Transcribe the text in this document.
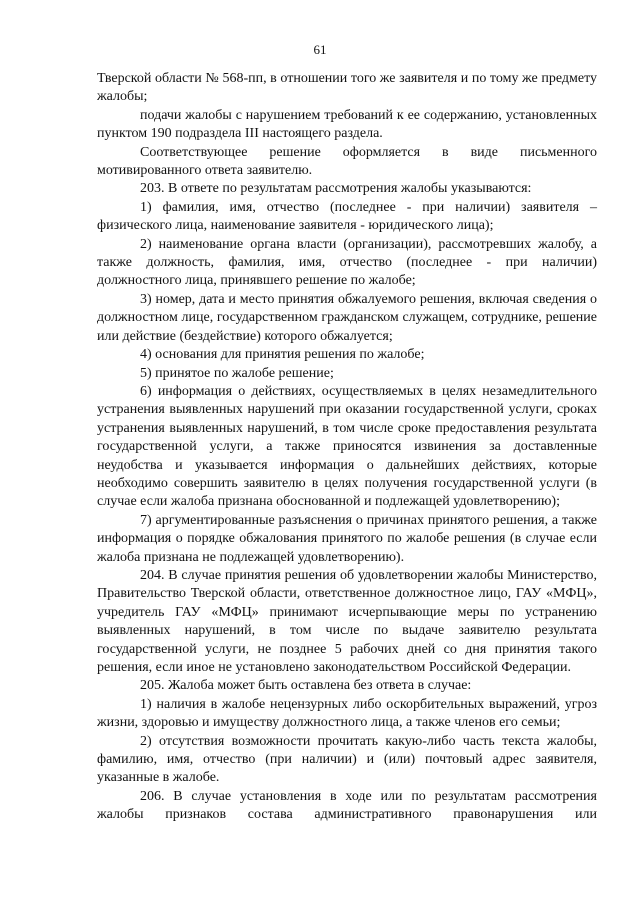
61

Тверской области № 568-пп, в отношении того же заявителя и по тому же предмету жалобы;

подачи жалобы с нарушением требований к ее содержанию, установленных пунктом 190 подраздела III настоящего раздела.

Соответствующее решение оформляется в виде письменного мотивированного ответа заявителю.

203. В ответе по результатам рассмотрения жалобы указываются:

1) фамилия, имя, отчество (последнее - при наличии) заявителя – физического лица, наименование заявителя - юридического лица);

2) наименование органа власти (организации), рассмотревших жалобу, а также должность, фамилия, имя, отчество (последнее - при наличии) должностного лица, принявшего решение по жалобе;

3) номер, дата и место принятия обжалуемого решения, включая сведения о должностном лице, государственном гражданском служащем, сотруднике, решение или действие (бездействие) которого обжалуется;

4) основания для принятия решения по жалобе;

5) принятое по жалобе решение;

6) информация о действиях, осуществляемых в целях незамедлительного устранения выявленных нарушений при оказании государственной услуги, сроках устранения выявленных нарушений, в том числе сроке предоставления результата государственной услуги, а также приносятся извинения за доставленные неудобства и указывается информация о дальнейших действиях, которые необходимо совершить заявителю в целях получения государственной услуги (в случае если жалоба признана обоснованной и подлежащей удовлетворению);

7) аргументированные разъяснения о причинах принятого решения, а также информация о порядке обжалования принятого по жалобе решения (в случае если жалоба признана не подлежащей удовлетворению).

204. В случае принятия решения об удовлетворении жалобы Министерство, Правительство Тверской области, ответственное должностное лицо, ГАУ «МФЦ», учредитель ГАУ «МФЦ» принимают исчерпывающие меры по устранению выявленных нарушений, в том числе по выдаче заявителю результата государственной услуги, не позднее 5 рабочих дней со дня принятия такого решения, если иное не установлено законодательством Российской Федерации.

205. Жалоба может быть оставлена без ответа в случае:

1) наличия в жалобе нецензурных либо оскорбительных выражений, угроз жизни, здоровью и имуществу должностного лица, а также членов его семьи;

2) отсутствия возможности прочитать какую-либо часть текста жалобы, фамилию, имя, отчество (при наличии) и (или) почтовый адрес заявителя, указанные в жалобе.

206. В случае установления в ходе или по результатам рассмотрения жалобы признаков состава административного правонарушения или
